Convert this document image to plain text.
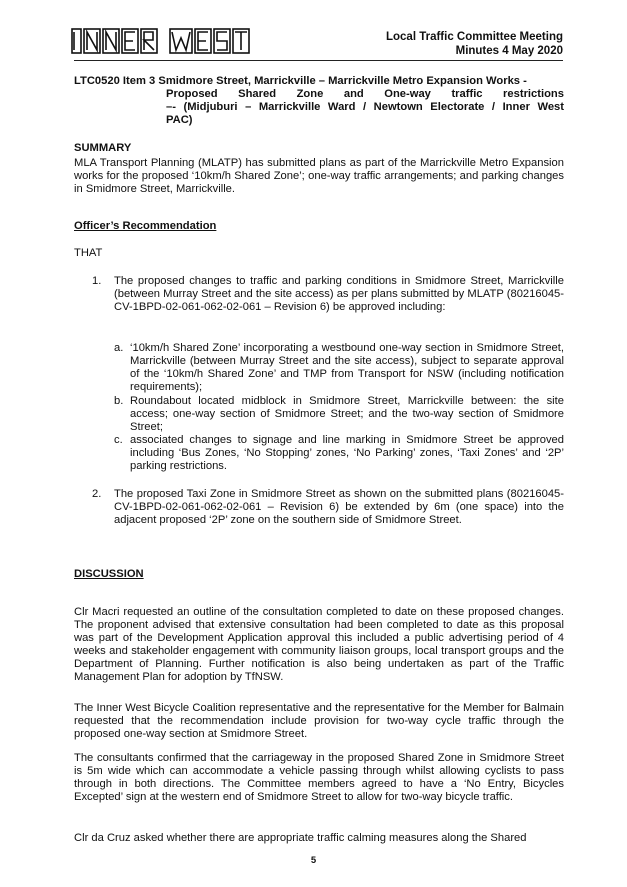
Local Traffic Committee Meeting
Minutes 4 May 2020
LTC0520 Item 3 Smidmore Street, Marrickville – Marrickville Metro Expansion Works -
Proposed Shared Zone and One-way traffic restrictions
–- (Midjuburi – Marrickville Ward / Newtown Electorate / Inner West
PAC)
SUMMARY
MLA Transport Planning (MLATP) has submitted plans as part of the Marrickville Metro Expansion works for the proposed ‘10km/h Shared Zone’; one-way traffic arrangements; and parking changes in Smidmore Street, Marrickville.
Officer’s Recommendation
THAT
1. The proposed changes to traffic and parking conditions in Smidmore Street, Marrickville (between Murray Street and the site access) as per plans submitted by MLATP (80216045-CV-1BPD-02-061-062-02-061 – Revision 6) be approved including:
a. ‘10km/h Shared Zone’ incorporating a westbound one-way section in Smidmore Street, Marrickville (between Murray Street and the site access), subject to separate approval of the ‘10km/h Shared Zone’ and TMP from Transport for NSW (including notification requirements);
b. Roundabout located midblock in Smidmore Street, Marrickville between: the site access; one-way section of Smidmore Street; and the two-way section of Smidmore Street;
c. associated changes to signage and line marking in Smidmore Street be approved including ‘Bus Zones, ‘No Stopping’ zones, ‘No Parking’ zones, ‘Taxi Zones’ and ‘2P’ parking restrictions.
2. The proposed Taxi Zone in Smidmore Street as shown on the submitted plans (80216045-CV-1BPD-02-061-062-02-061 – Revision 6) be extended by 6m (one space) into the adjacent proposed ‘2P’ zone on the southern side of Smidmore Street.
DISCUSSION
Clr Macri requested an outline of the consultation completed to date on these proposed changes. The proponent advised that extensive consultation had been completed to date as this proposal was part of the Development Application approval this included a public advertising period of 4 weeks and stakeholder engagement with community liaison groups, local transport groups and the Department of Planning. Further notification is also being undertaken as part of the Traffic Management Plan for adoption by TfNSW.
The Inner West Bicycle Coalition representative and the representative for the Member for Balmain requested that the recommendation include provision for two-way cycle traffic through the proposed one-way section at Smidmore Street.
The consultants confirmed that the carriageway in the proposed Shared Zone in Smidmore Street is 5m wide which can accommodate a vehicle passing through whilst allowing cyclists to pass through in both directions. The Committee members agreed to have a ‘No Entry, Bicycles Excepted’ sign at the western end of Smidmore Street to allow for two-way bicycle traffic.
Clr da Cruz asked whether there are appropriate traffic calming measures along the Shared
5
